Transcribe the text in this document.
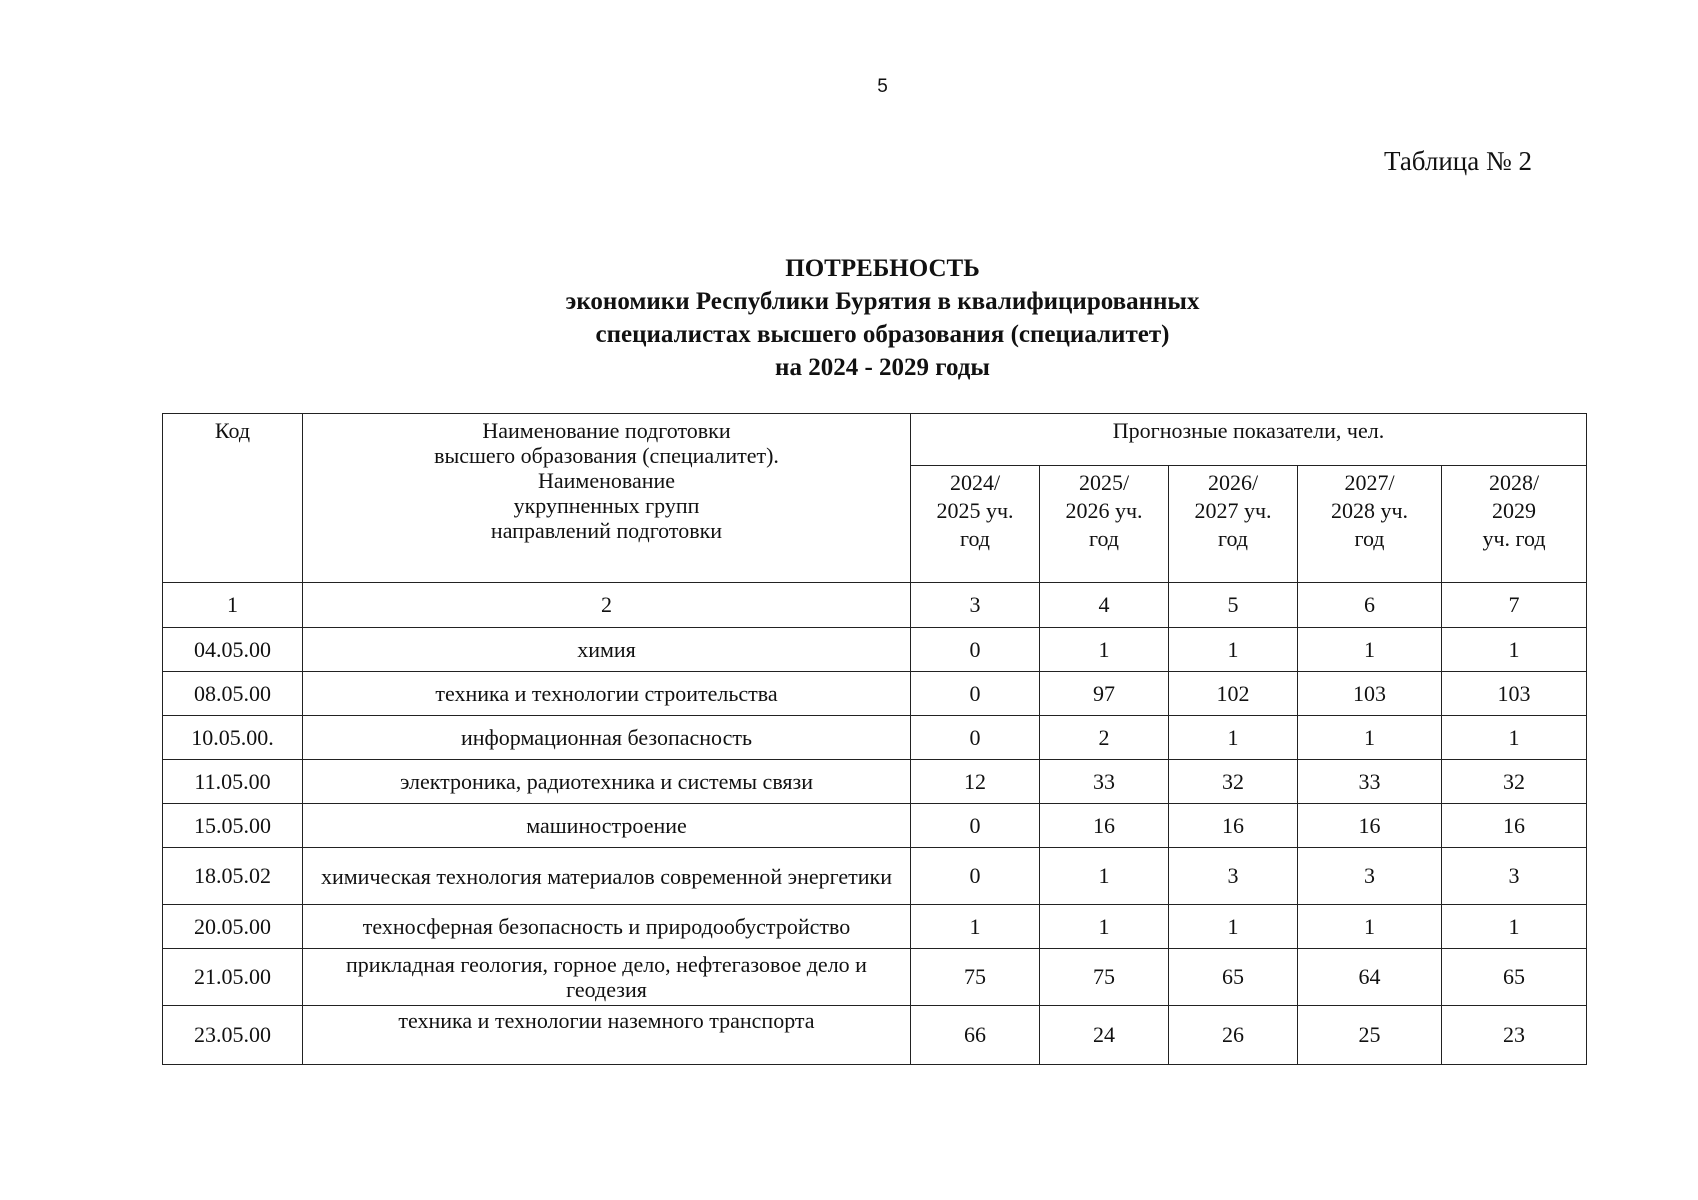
5
Таблица № 2
ПОТРЕБНОСТЬ
экономики Республики Бурятия в квалифицированных
специалистах высшего образования (специалитет)
на 2024 - 2029 годы
Код	Наименование подготовки
высшего образования (специалитет).
Наименование
укрупненных групп
направлений подготовки	Прогнозные показатели, чел.				

		2024/
2025 уч.
год	2025/
2026 уч.
год	2026/
2027 уч.
год	2027/
2028 уч.
год	2028/
2029
уч. год

1	2	3	4	5	6	7
04.05.00	химия	0	1	1	1	1
08.05.00	техника и технологии строительства	0	97	102	103	103
10.05.00.	информационная безопасность	0	2	1	1	1
11.05.00	электроника, радиотехника и системы связи	12	33	32	33	32
15.05.00	машиностроение	0	16	16	16	16
18.05.02	химическая технология материалов современной энергетики	0	1	3	3	3
20.05.00	техносферная безопасность и природообустройство	1	1	1	1	1
21.05.00	прикладная геология, горное дело, нефтегазовое дело и геодезия	75	75	65	64	65
23.05.00	техника и технологии наземного транспорта	66	24	26	25	23
